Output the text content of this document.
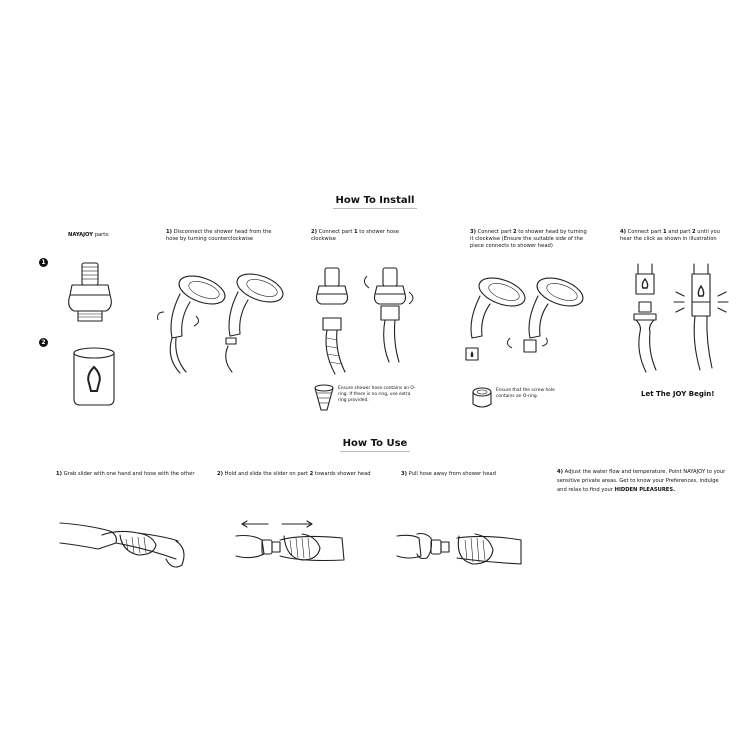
How To Install
NAYAJOY parts:
1
2
1) Disconnect the shower head from the hose by turning counterclockwise
2) Connect part 1 to shower hose clockwise
Ensure shower hose contains an O-ring. If there is no ring, use extra ring provided.
3) Connect part 2 to shower head by turning it clockwise (Ensure the suitable side of the piece connects to shower head)
Ensure that the screw hole contains an O-ring.
4) Connect part 1 and part 2 until you hear the click as shown in illustration
Let The JOY Begin!
How To Use
1) Grab slider with one hand and hose with the other	2) Hold and slide the slider on part 2 towards shower head	3) Pull hose away from shower head	4) Adjust the water flow and temperature. Point NAYAJOY to your sensitive private areas. Get to know your Preferences, indulge and relax to find your HIDDEN PLEASURES.
